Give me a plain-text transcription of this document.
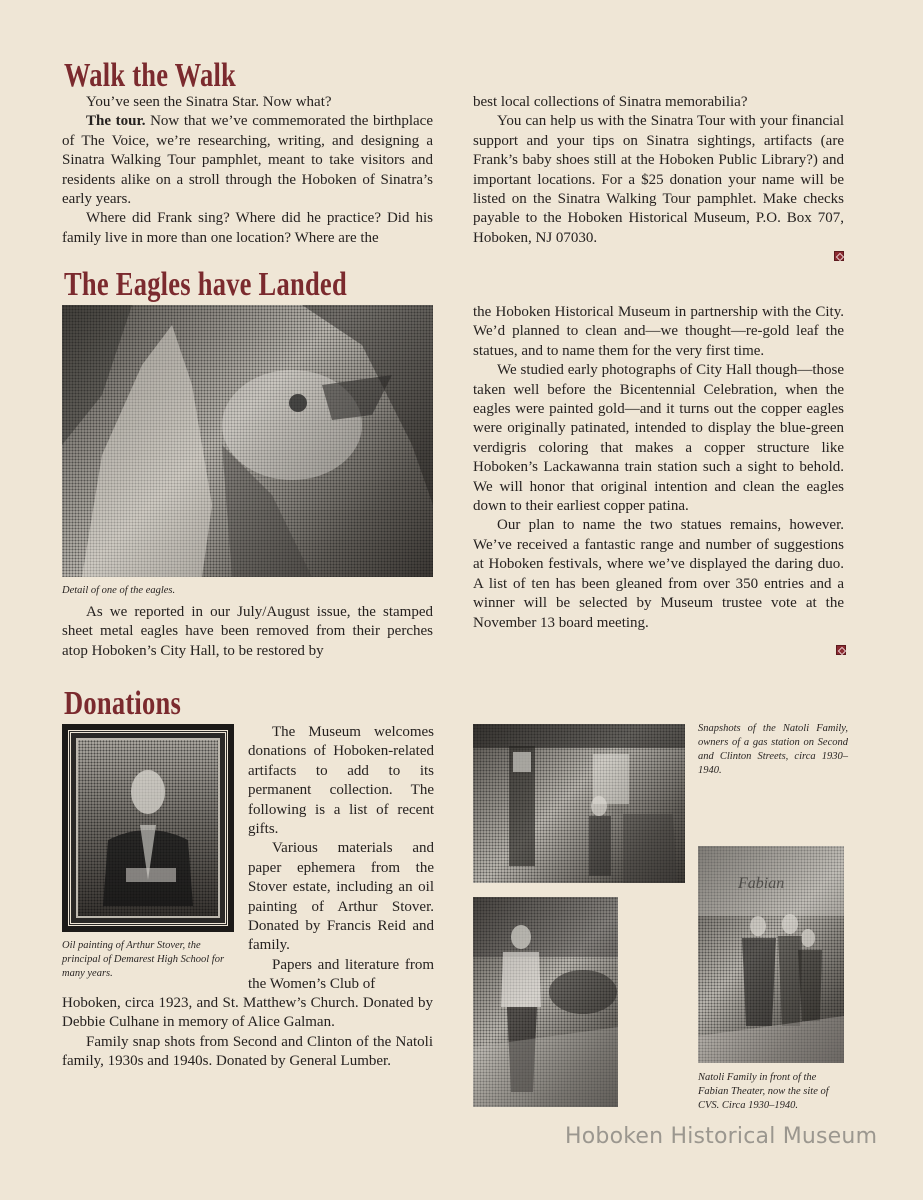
Walk the Walk

You’ve seen the Sinatra Star. Now what?

The tour. Now that we’ve commemorated the birthplace of The Voice, we’re researching, writing, and designing a Sinatra Walking Tour pamphlet, meant to take visitors and residents alike on a stroll through the Hoboken of Sinatra’s early years.

Where did Frank sing? Where did he practice? Did his family live in more than one location? Where are the

best local collections of Sinatra memorabilia?

You can help us with the Sinatra Tour with your financial support and your tips on Sinatra sightings, artifacts (are Frank’s baby shoes still at the Hoboken Public Library?) and important locations. For a $25 donation your name will be listed on the Sinatra Walking Tour pamphlet. Make checks payable to the Hoboken Historical Museum, P.O. Box 707, Hoboken, NJ 07030.

The Eagles have Landed
Detail of one of the eagles.

As we reported in our July/August issue, the stamped sheet metal eagles have been removed from their perches atop Hoboken’s City Hall, to be restored by

the Hoboken Historical Museum in partnership with the City. We’d planned to clean and—we thought—re-gold leaf the statues, and to name them for the very first time.

We studied early photographs of City Hall though—those taken well before the Bicentennial Celebration, when the eagles were painted gold—and it turns out the copper eagles were originally patinated, intended to display the blue-green verdigris coloring that makes a copper structure like Hoboken’s Lackawanna train station such a sight to behold. We will honor that original intention and clean the eagles down to their earliest copper patina.

Our plan to name the two statues remains, however. We’ve received a fantastic range and number of suggestions at Hoboken festivals, where we’ve displayed the daring duo. A list of ten has been gleaned from over 350 entries and a winner will be selected by Museum trustee vote at the November 13 board meeting.

Donations
Oil painting of Arthur Stover, the principal of Demarest High School for many years.

The Museum welcomes donations of Hoboken-related artifacts to add to its permanent collection. The following is a list of recent gifts.

Various materials and paper ephemera from the Stover estate, including an oil painting of Arthur Stover. Donated by Francis Reid and family.

Papers and literature from the Women’s Club of

Hoboken, circa 1923, and St. Matthew’s Church. Donated by Debbie Culhane in memory of Alice Galman.

Family snap shots from Second and Clinton of the Natoli family, 1930s and 1940s. Donated by General Lumber.

Snapshots of the Natoli Family, owners of a gas station on Second and Clinton Streets, circa 1930–1940.
Fabian
Natoli Family in front of the Fabian Theater, now the site of CVS. Circa 1930–1940.
Hoboken Historical Museum
